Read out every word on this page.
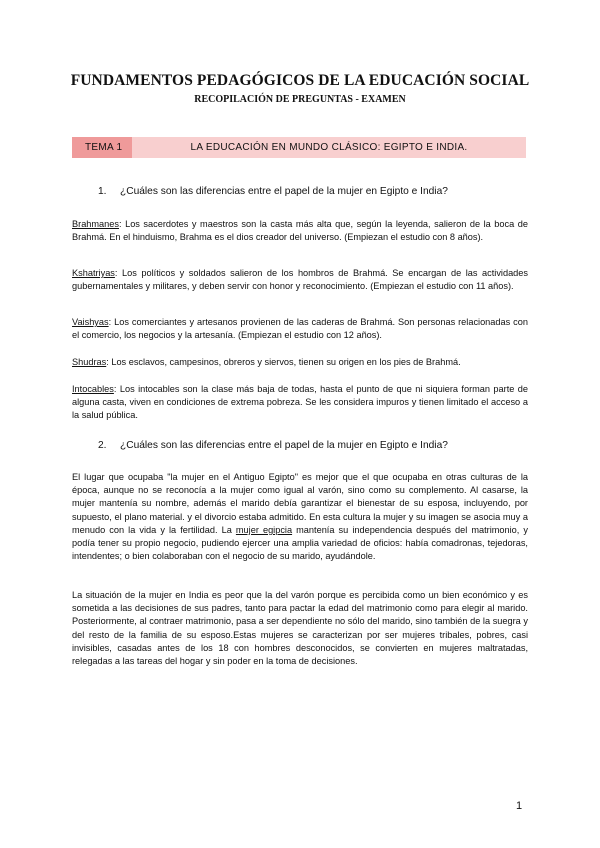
FUNDAMENTOS PEDAGÓGICOS DE LA EDUCACIÓN SOCIAL
RECOPILACIÓN DE PREGUNTAS - EXAMEN
TEMA 1	LA EDUCACIÓN EN MUNDO CLÁSICO: EGIPTO E INDIA.
1. ¿Cuáles son las diferencias entre el papel de la mujer en Egipto e India?
Brahmanes: Los sacerdotes y maestros son la casta más alta que, según la leyenda, salieron de la boca de Brahmá. En el hinduismo, Brahma es el dios creador del universo. (Empiezan el estudio con 8 años).
Kshatriyas: Los políticos y soldados salieron de los hombros de Brahmá. Se encargan de las actividades gubernamentales y militares, y deben servir con honor y reconocimiento. (Empiezan el estudio con 11 años).
Vaishyas: Los comerciantes y artesanos provienen de las caderas de Brahmá. Son personas relacionadas con el comercio, los negocios y la artesanía. (Empiezan el estudio con 12 años).
Shudras: Los esclavos, campesinos, obreros y siervos, tienen su origen en los pies de Brahmá.
Intocables: Los intocables son la clase más baja de todas, hasta el punto de que ni siquiera forman parte de alguna casta, viven en condiciones de extrema pobreza. Se les considera impuros y tienen limitado el acceso a la salud pública.
2. ¿Cuáles son las diferencias entre el papel de la mujer en Egipto e India?
El lugar que ocupaba "la mujer en el Antiguo Egipto" es mejor que el que ocupaba en otras culturas de la época, aunque no se reconocía a la mujer como igual al varón, sino como su complemento. Al casarse, la mujer mantenía su nombre, además el marido debía garantizar el bienestar de su esposa, incluyendo, por supuesto, el plano material. y el divorcio estaba admitido. En esta cultura la mujer y su imagen se asocia muy a menudo con la vida y la fertilidad. La mujer egipcia mantenía su independencia después del matrimonio, y podía tener su propio negocio, pudiendo ejercer una amplia variedad de oficios: había comadronas, tejedoras, intendentes; o bien colaboraban con el negocio de su marido, ayudándole.
La situación de la mujer en India es peor que la del varón porque es percibida como un bien económico y es sometida a las decisiones de sus padres, tanto para pactar la edad del matrimonio como para elegir al marido. Posteriormente, al contraer matrimonio, pasa a ser dependiente no sólo del marido, sino también de la suegra y del resto de la familia de su esposo.Estas mujeres se caracterizan por ser mujeres tribales, pobres, casi invisibles, casadas antes de los 18 con hombres desconocidos, se convierten en mujeres maltratadas, relegadas a las tareas del hogar y sin poder en la toma de decisiones.
1
